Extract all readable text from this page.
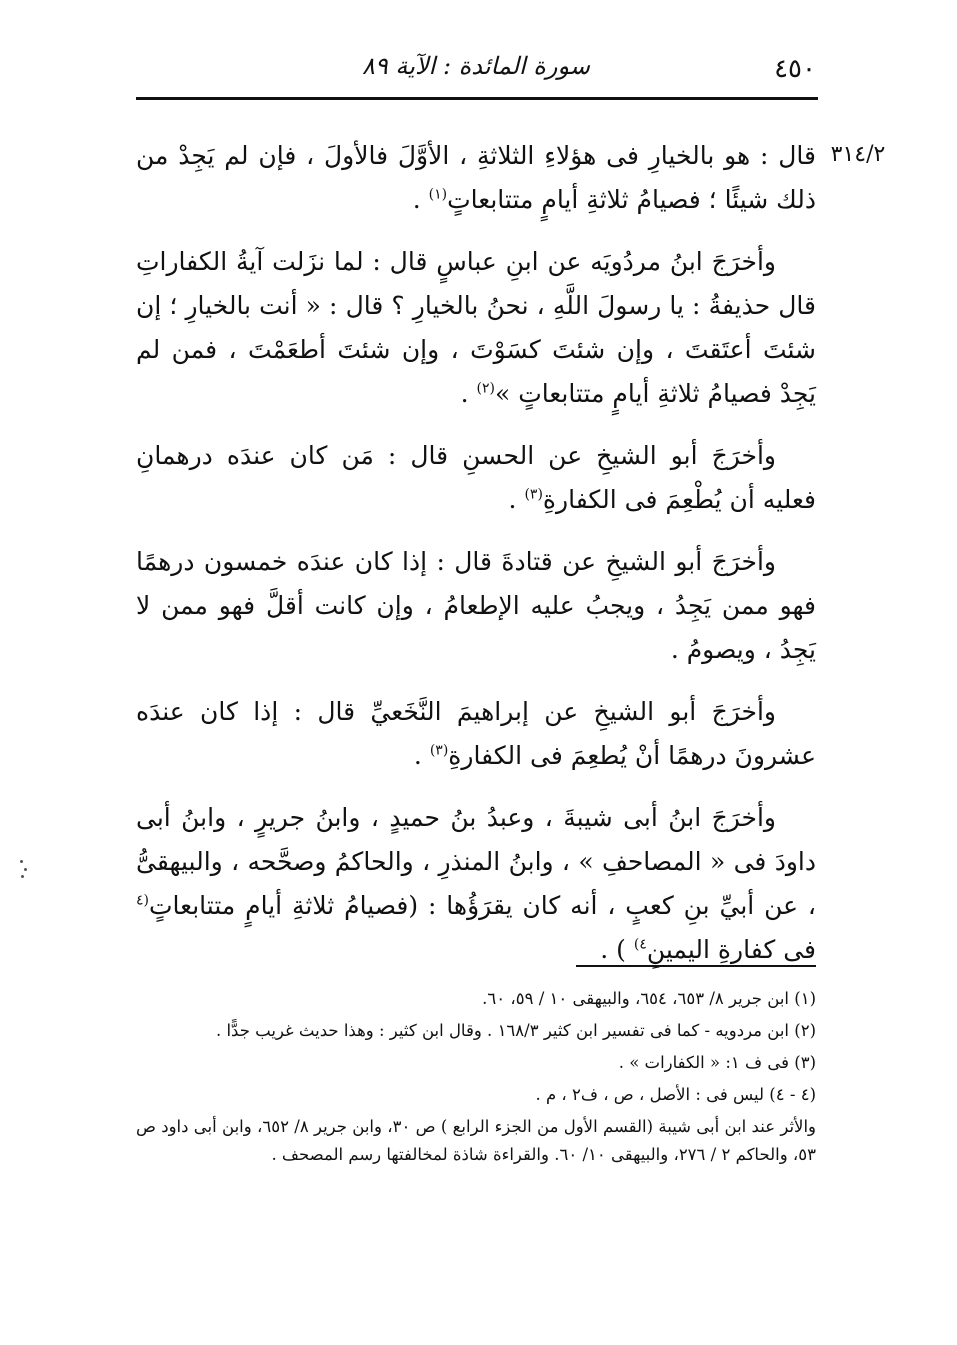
٤٥٠
سورة المائدة : الآية ٨٩
٣١٤/٢

قال : هو بالخيارِ فى هؤلاءِ الثلاثةِ ، الأوَّلَ فالأولَ ، فإن لم يَجِدْ من ذلك شيئًا ؛ فصيامُ ثلاثةِ أيامٍ متتابعاتٍ$^{(١)}$ .

وأخرَجَ ابنُ مردُويَه عن ابنِ عباسٍ قال : لما نزَلت آيةُ الكفاراتِ قال حذيفةُ : يا رسولَ اللَّهِ ، نحنُ بالخيارِ ؟ قال : « أنت بالخيارِ ؛ إن شئتَ أعتَقتَ ، وإن شئتَ كسَوْتَ ، وإن شئتَ أطعَمْتَ ، فمن لم يَجِدْ فصيامُ ثلاثةِ أيامٍ متتابعاتٍ »$^{(٢)}$ .

وأخرَجَ أبو الشيخِ عن الحسنِ قال : مَن كان عندَه درهمانِ فعليه أن يُطْعِمَ فى الكفارةِ$^{(٣)}$ .

وأخرَجَ أبو الشيخِ عن قتادةَ قال : إذا كان عندَه خمسون درهمًا فهو ممن يَجِدُ ، ويجبُ عليه الإطعامُ ، وإن كانت أقلَّ فهو ممن لا يَجِدُ ، ويصومُ .

وأخرَجَ أبو الشيخِ عن إبراهيمَ النَّخَعيِّ قال : إذا كان عندَه عشرونَ درهمًا أنْ يُطعِمَ فى الكفارةِ$^{(٣)}$ .

وأخرَجَ ابنُ أبى شيبةَ ، وعبدُ بنُ حميدٍ ، وابنُ جريرٍ ، وابنُ أبى داودَ فى « المصاحفِ » ، وابنُ المنذرِ ، والحاكمُ وصحَّحه ، والبيهقىُّ ، عن أبيِّ بنِ كعبٍ ، أنه كان يقرَؤُها : (فصيامُ ثلاثةِ أيامٍ متتابعاتٍ$^{(٤}$ فى كفارةِ اليمينِ$^{٤)}$ ) .

(١) ابن جرير ٨/ ٦٥٣، ٦٥٤، والبيهقى ١٠ / ٥٩، ٦٠.

(٢) ابن مردويه - كما فى تفسير ابن كثير ١٦٨/٣ . وقال ابن كثير : وهذا حديث غريب جدًّا .

(٣) فى ف ١: « الكفارات » .

(٤ - ٤) ليس فى : الأصل ، ص ، ف٢ ، م .

والأثر عند ابن أبى شيبة (القسم الأول من الجزء الرابع ) ص ٣٠، وابن جرير ٨/ ٦٥٢، وابن أبى داود ص ٥٣، والحاكم ٢ / ٢٧٦، والبيهقى ١٠/ ٦٠. والقراءة شاذة لمخالفتها رسم المصحف .
